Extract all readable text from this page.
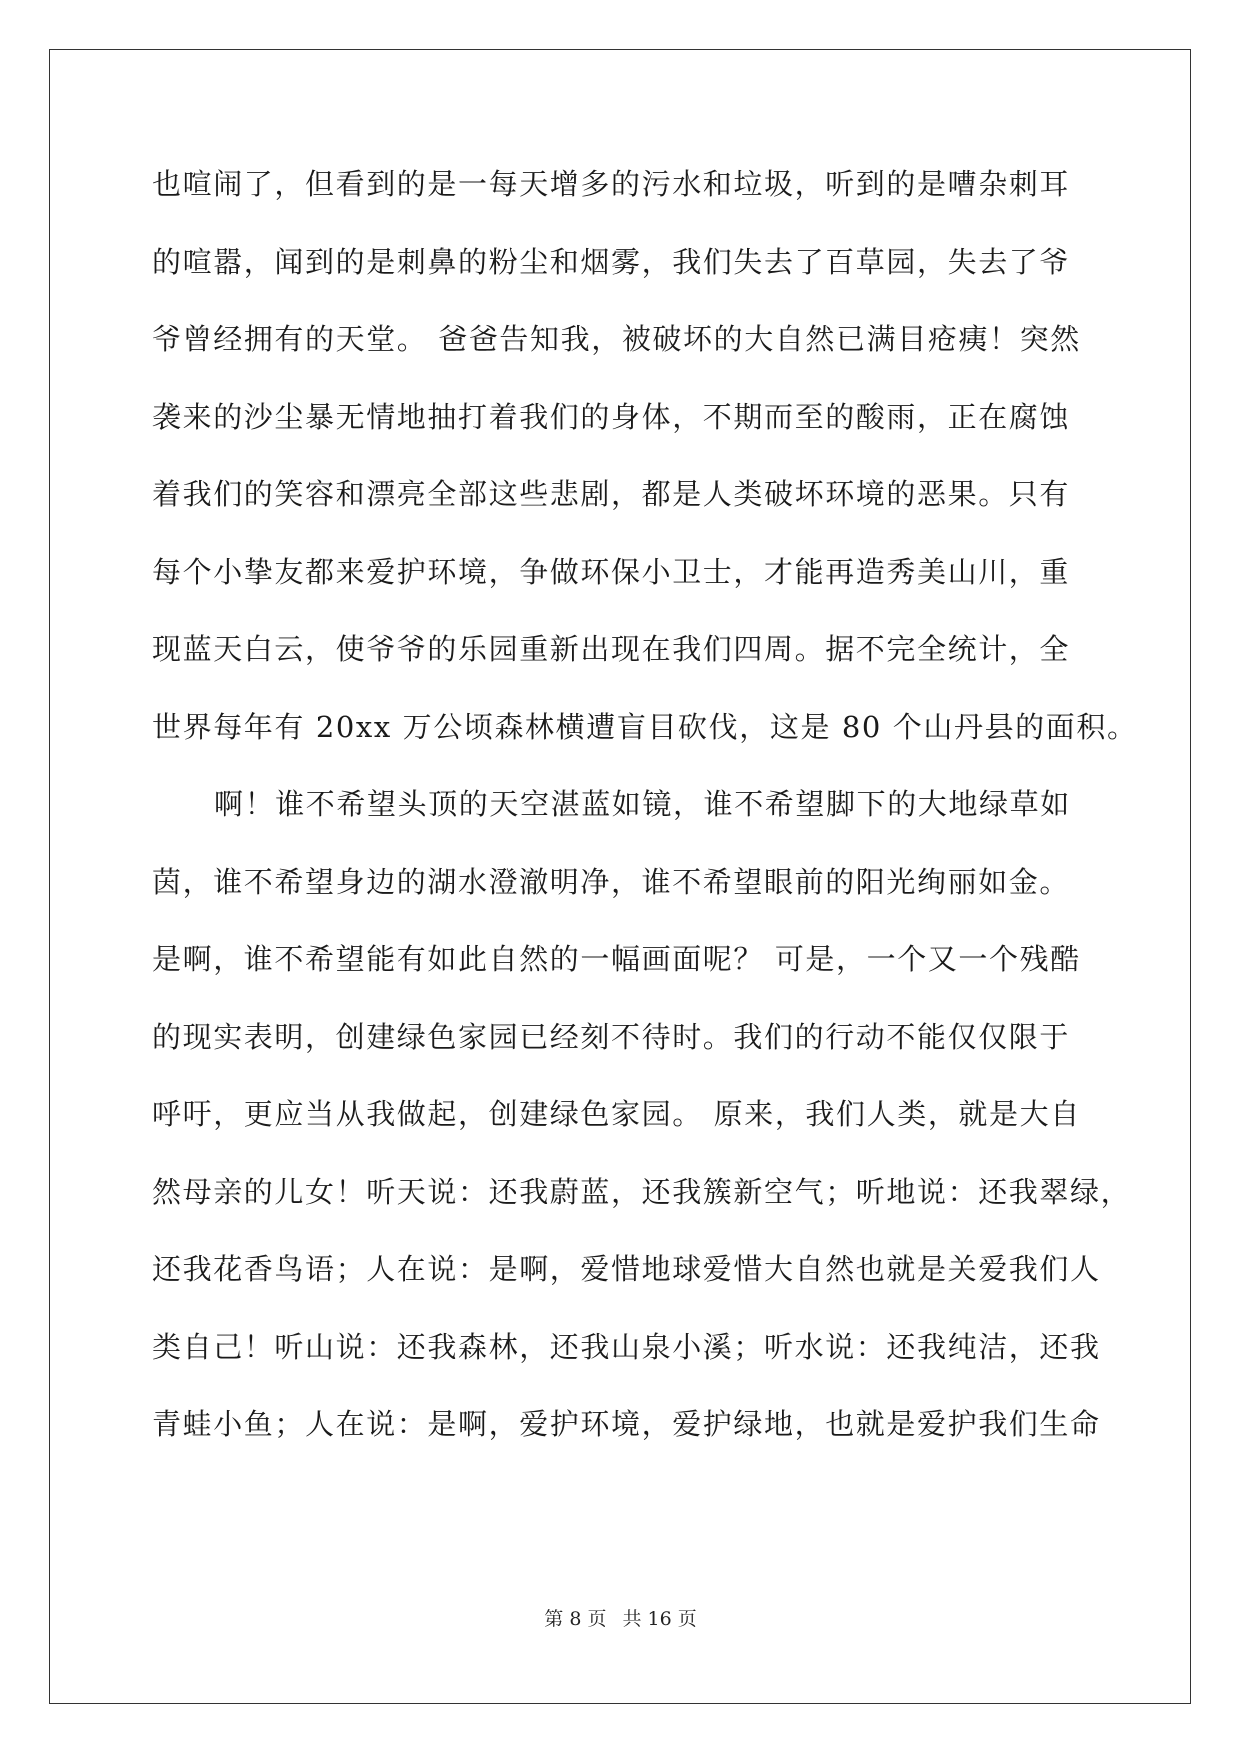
也喧闹了，但看到的是一每天增多的污水和垃圾，听到的是嘈杂刺耳
的喧嚣，闻到的是刺鼻的粉尘和烟雾，我们失去了百草园，失去了爷
爷曾经拥有的天堂。 爸爸告知我，被破坏的大自然已满目疮痍！突然
袭来的沙尘暴无情地抽打着我们的身体，不期而至的酸雨，正在腐蚀
着我们的笑容和漂亮全部这些悲剧，都是人类破坏环境的恶果。只有
每个小挚友都来爱护环境，争做环保小卫士，才能再造秀美山川，重
现蓝天白云，使爷爷的乐园重新出现在我们四周。据不完全统计，全
世界每年有 20xx 万公顷森林横遭盲目砍伐，这是 80 个山丹县的面积。
啊！谁不希望头顶的天空湛蓝如镜，谁不希望脚下的大地绿草如
茵，谁不希望身边的湖水澄澈明净，谁不希望眼前的阳光绚丽如金。
是啊，谁不希望能有如此自然的一幅画面呢？ 可是，一个又一个残酷
的现实表明，创建绿色家园已经刻不待时。我们的行动不能仅仅限于
呼吁，更应当从我做起，创建绿色家园。 原来，我们人类，就是大自
然母亲的儿女！听天说：还我蔚蓝，还我簇新空气；听地说：还我翠绿，
还我花香鸟语；人在说：是啊，爱惜地球爱惜大自然也就是关爱我们人
类自己！听山说：还我森林，还我山泉小溪；听水说：还我纯洁，还我
青蛙小鱼；人在说：是啊，爱护环境，爱护绿地，也就是爱护我们生命
第 8 页 共 16 页
